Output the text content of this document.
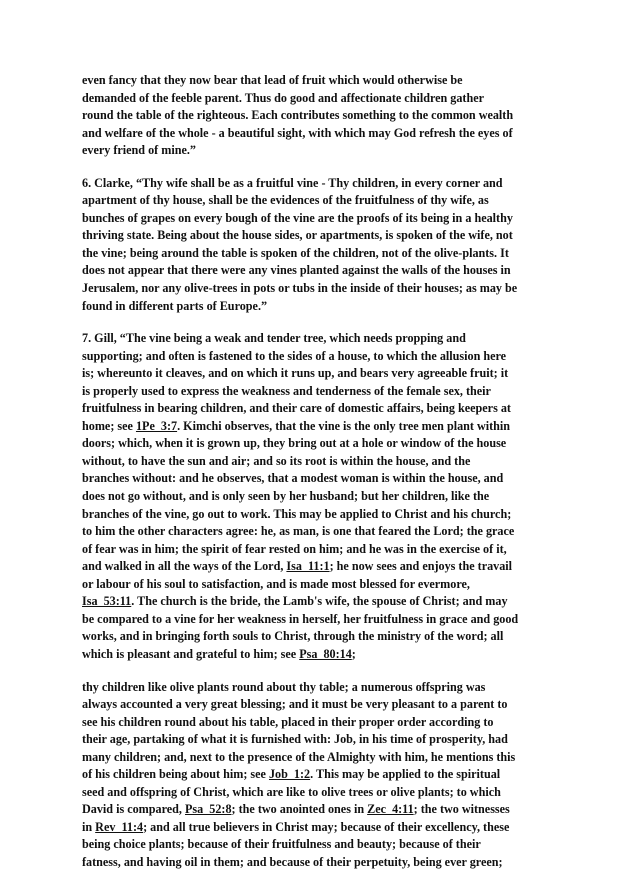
even fancy that they now bear that lead of fruit which would otherwise be
demanded of the feeble parent. Thus do good and affectionate children gather
round the table of the righteous. Each contributes something to the common wealth
and welfare of the whole - a beautiful sight, with which may God refresh the eyes of
every friend of mine.”
6. Clarke, “Thy wife shall be as a fruitful vine - Thy children, in every corner and
apartment of thy house, shall be the evidences of the fruitfulness of thy wife, as
bunches of grapes on every bough of the vine are the proofs of its being in a healthy
thriving state. Being about the house sides, or apartments, is spoken of the wife, not
the vine; being around the table is spoken of the children, not of the olive-plants. It
does not appear that there were any vines planted against the walls of the houses in
Jerusalem, nor any olive-trees in pots or tubs in the inside of their houses; as may be
found in different parts of Europe.”
7. Gill, “The vine being a weak and tender tree, which needs propping and
supporting; and often is fastened to the sides of a house, to which the allusion here
is; whereunto it cleaves, and on which it runs up, and bears very agreeable fruit; it
is properly used to express the weakness and tenderness of the female sex, their
fruitfulness in bearing children, and their care of domestic affairs, being keepers at
home; see 1Pe_3:7. Kimchi observes, that the vine is the only tree men plant within
doors; which, when it is grown up, they bring out at a hole or window of the house
without, to have the sun and air; and so its root is within the house, and the
branches without: and he observes, that a modest woman is within the house, and
does not go without, and is only seen by her husband; but her children, like the
branches of the vine, go out to work. This may be applied to Christ and his church;
to him the other characters agree: he, as man, is one that feared the Lord; the grace
of fear was in him; the spirit of fear rested on him; and he was in the exercise of it,
and walked in all the ways of the Lord, Isa_11:1; he now sees and enjoys the travail
or labour of his soul to satisfaction, and is made most blessed for evermore,
Isa_53:11. The church is the bride, the Lamb's wife, the spouse of Christ; and may
be compared to a vine for her weakness in herself, her fruitfulness in grace and good
works, and in bringing forth souls to Christ, through the ministry of the word; all
which is pleasant and grateful to him; see Psa_80:14;
thy children like olive plants round about thy table; a numerous offspring was
always accounted a very great blessing; and it must be very pleasant to a parent to
see his children round about his table, placed in their proper order according to
their age, partaking of what it is furnished with: Job, in his time of prosperity, had
many children; and, next to the presence of the Almighty with him, he mentions this
of his children being about him; see Job_1:2. This may be applied to the spiritual
seed and offspring of Christ, which are like to olive trees or olive plants; to which
David is compared, Psa_52:8; the two anointed ones in Zec_4:11; the two witnesses
in Rev_11:4; and all true believers in Christ may; because of their excellency, these
being choice plants; because of their fruitfulness and beauty; because of their
fatness, and having oil in them; and because of their perpetuity, being ever green;
